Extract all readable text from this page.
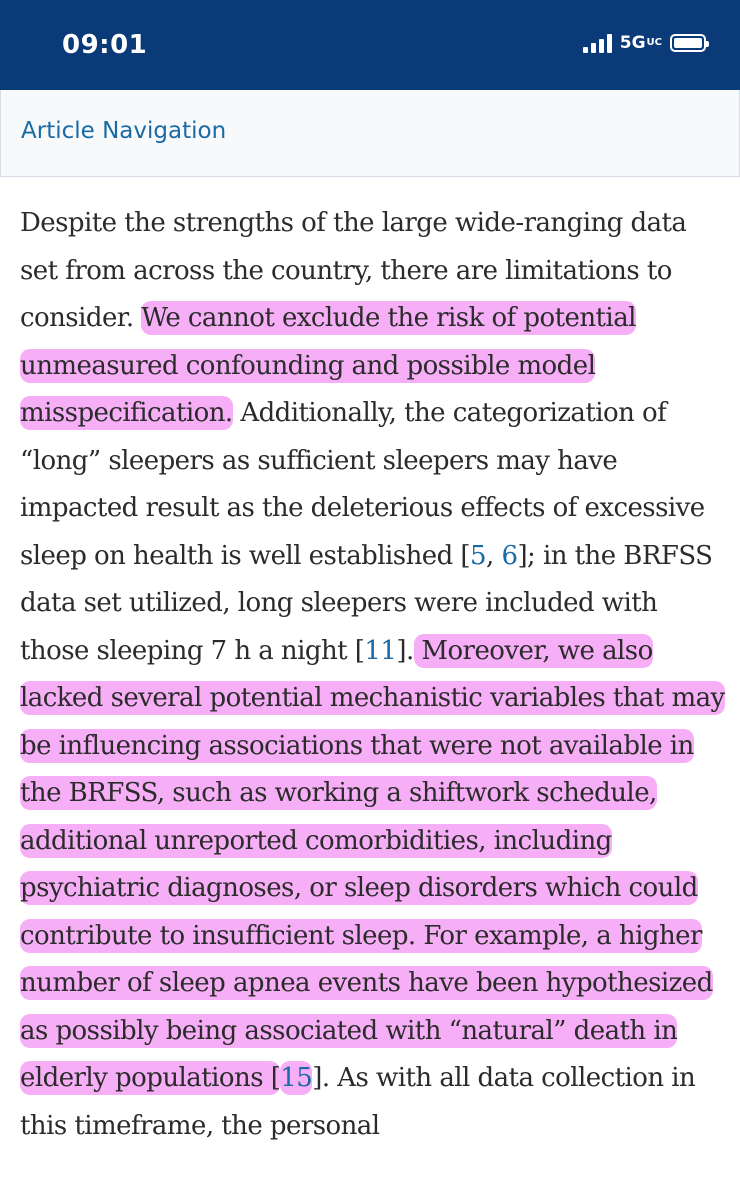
09:01	5G UC
Article Navigation

Despite the strengths of the large wide-ranging data set from across the country, there are limitations to consider. We cannot exclude the risk of potential unmeasured confounding and possible model misspecification. Additionally, the categorization of “long” sleepers as sufficient sleepers may have impacted result as the deleterious effects of excessive sleep on health is well established [5, 6]; in the BRFSS data set utilized, long sleepers were included with those sleeping 7 h a night [11]. Moreover, we also lacked several potential mechanistic variables that may be influencing associations that were not available in the BRFSS, such as working a shiftwork schedule, additional unreported comorbidities, including psychiatric diagnoses, or sleep disorders which could contribute to insufficient sleep. For example, a higher number of sleep apnea events have been hypothesized as possibly being associated with “natural” death in elderly populations [15]. As with all data collection in this timeframe, the personal
